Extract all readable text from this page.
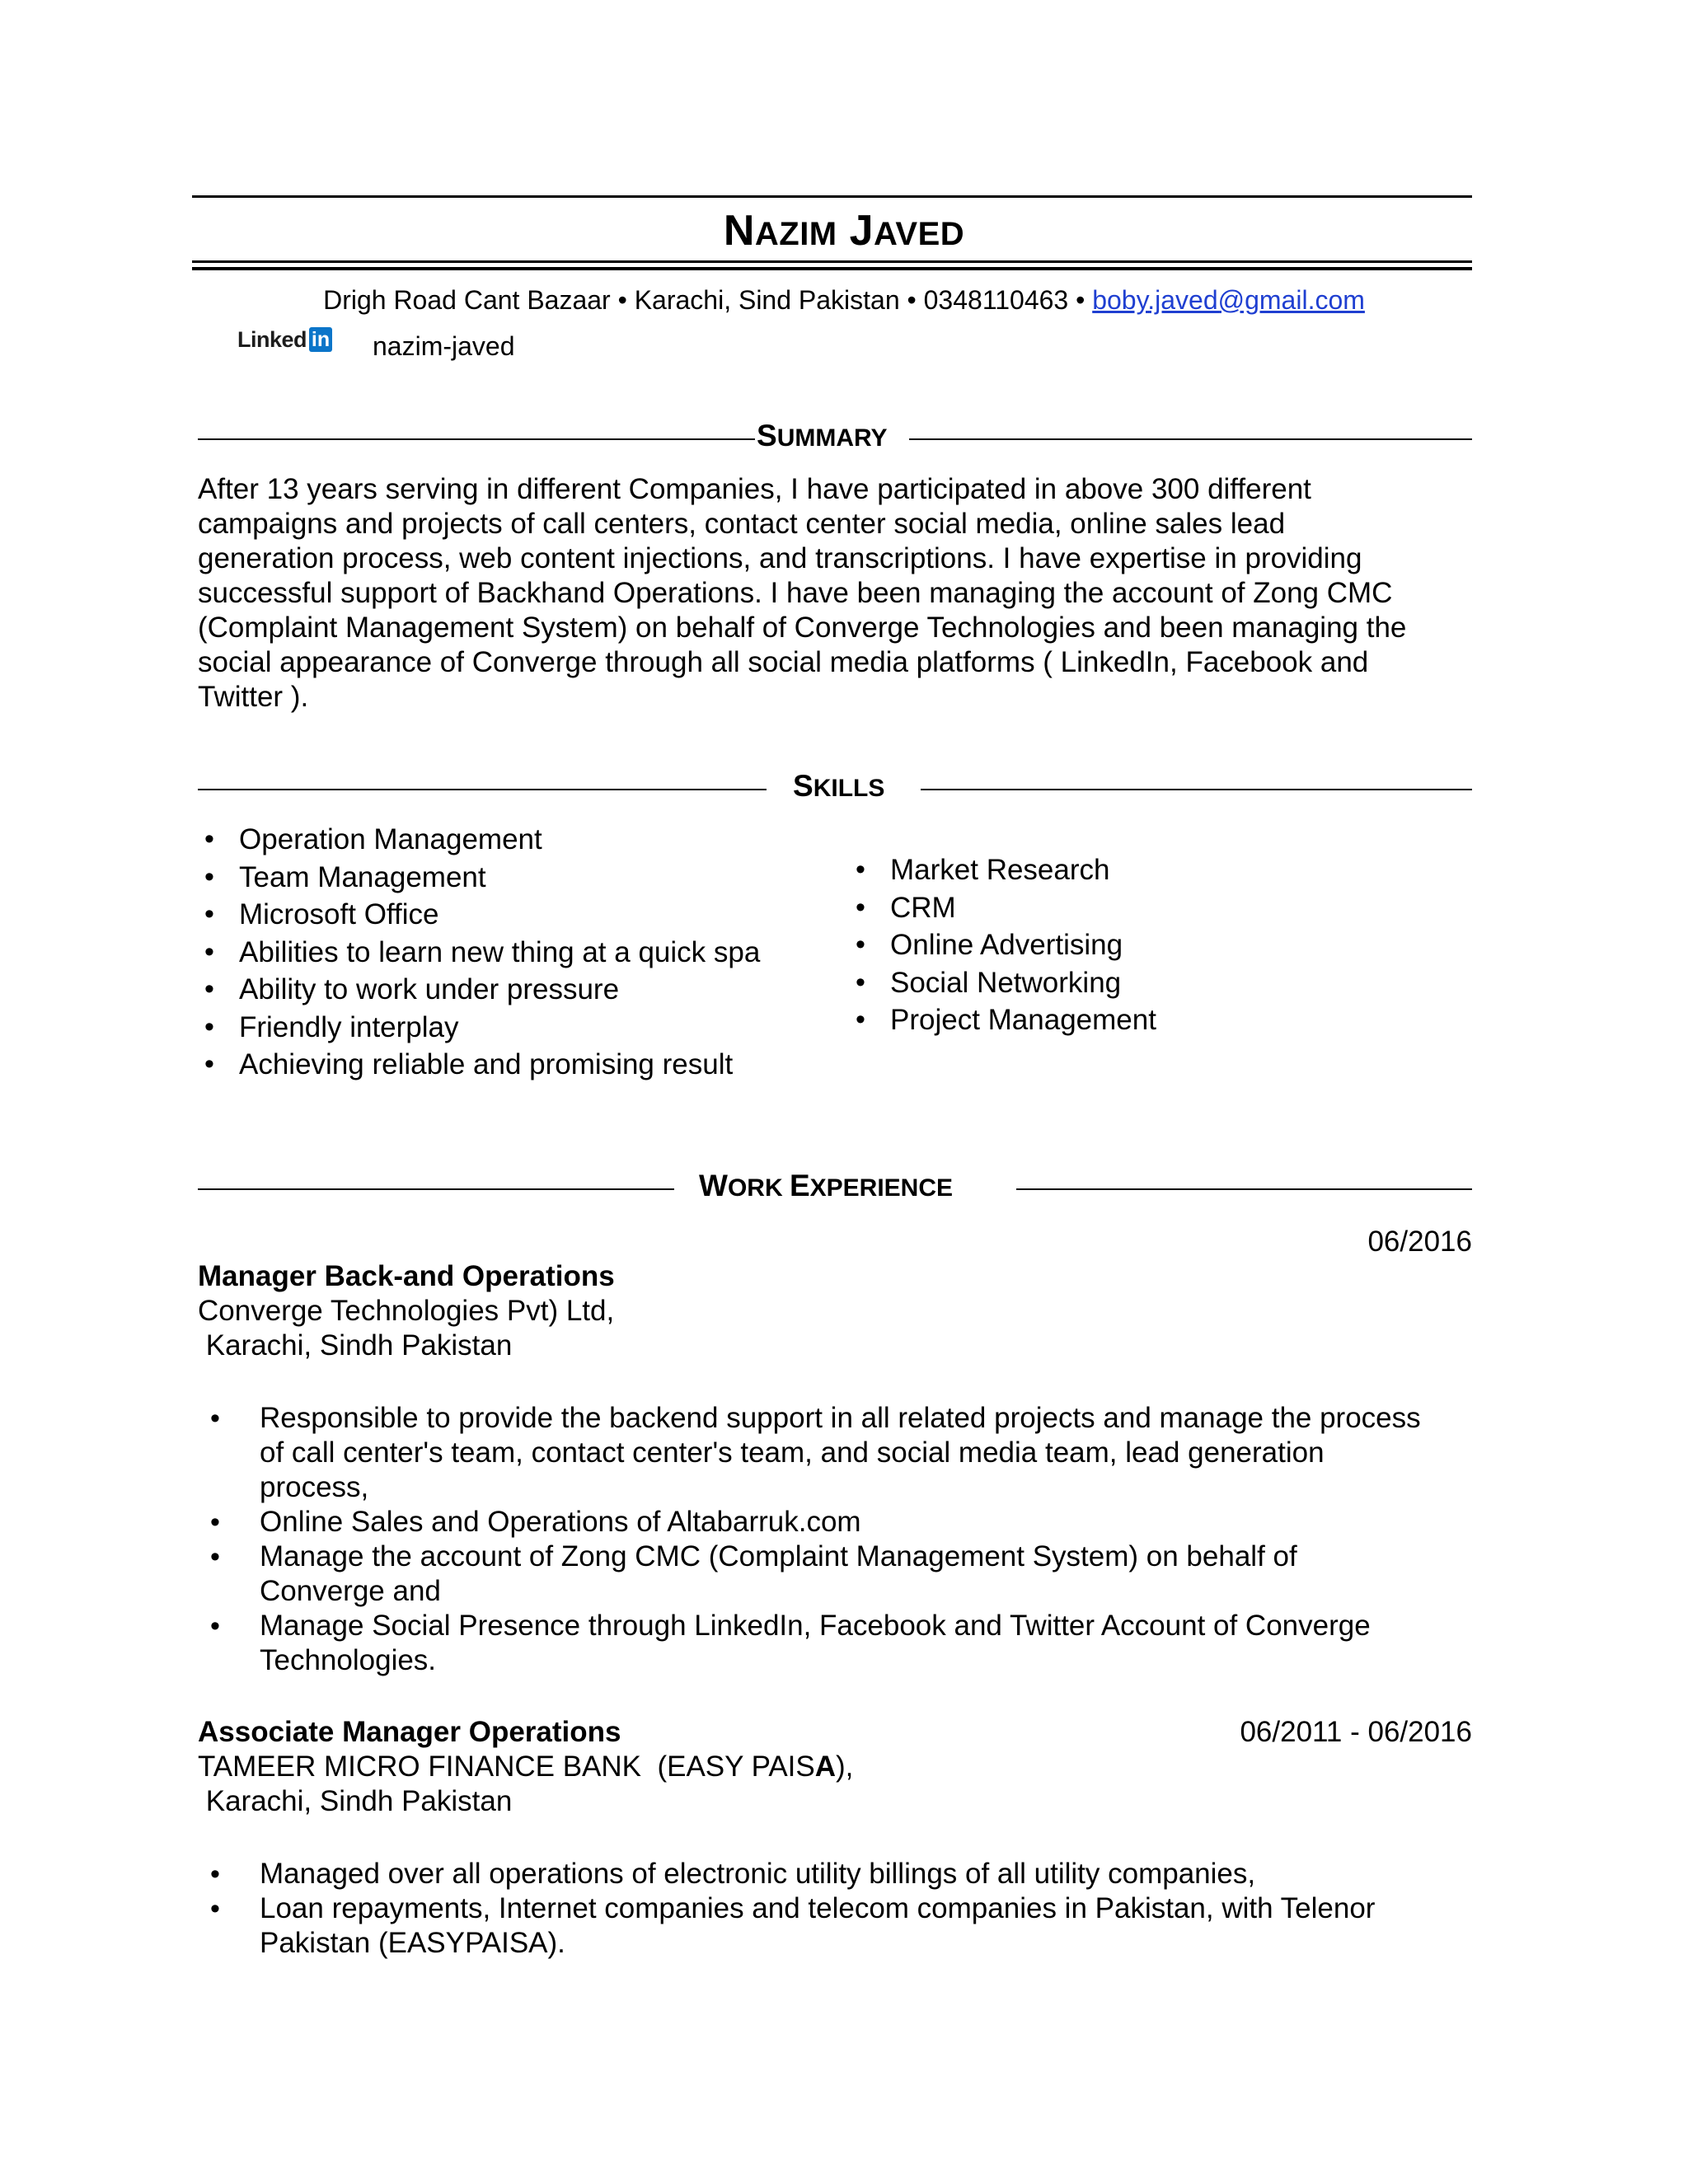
NAZIM JAVED
Drigh Road Cant Bazaar • Karachi, Sind Pakistan • 0348110463 • boby.javed@gmail.com
Linked in nazim-javed
SUMMARY
After 13 years serving in different Companies, I have participated in above 300 different
campaigns and projects of call centers, contact center social media, online sales lead
generation process, web content injections, and transcriptions. I have expertise in providing
successful support of Backhand Operations. I have been managing the account of Zong CMC
(Complaint Management System) on behalf of Converge Technologies and been managing the
social appearance of Converge through all social media platforms ( LinkedIn, Facebook and
Twitter ).
SKILLS
• Operation Management
• Team Management
• Microsoft Office
• Abilities to learn new thing at a quick spa
• Ability to work under pressure
• Friendly interplay
• Achieving reliable and promising result
• Market Research
• CRM
• Online Advertising
• Social Networking
• Project Management
WORK EXPERIENCE
06/2016
Manager Back-and Operations
Converge Technologies Pvt) Ltd,
Karachi, Sindh Pakistan
• Responsible to provide the backend support in all related projects and manage the process
of call center's team, contact center's team, and social media team, lead generation
process,
• Online Sales and Operations of Altabarruk.com
• Manage the account of Zong CMC (Complaint Management System) on behalf of
Converge and
• Manage Social Presence through LinkedIn, Facebook and Twitter Account of Converge
Technologies.
Associate Manager Operations	06/2011 - 06/2016
TAMEER MICRO FINANCE BANK  (EASY PAISA),
Karachi, Sindh Pakistan
• Managed over all operations of electronic utility billings of all utility companies,
• Loan repayments, Internet companies and telecom companies in Pakistan, with Telenor
Pakistan (EASYPAISA).
